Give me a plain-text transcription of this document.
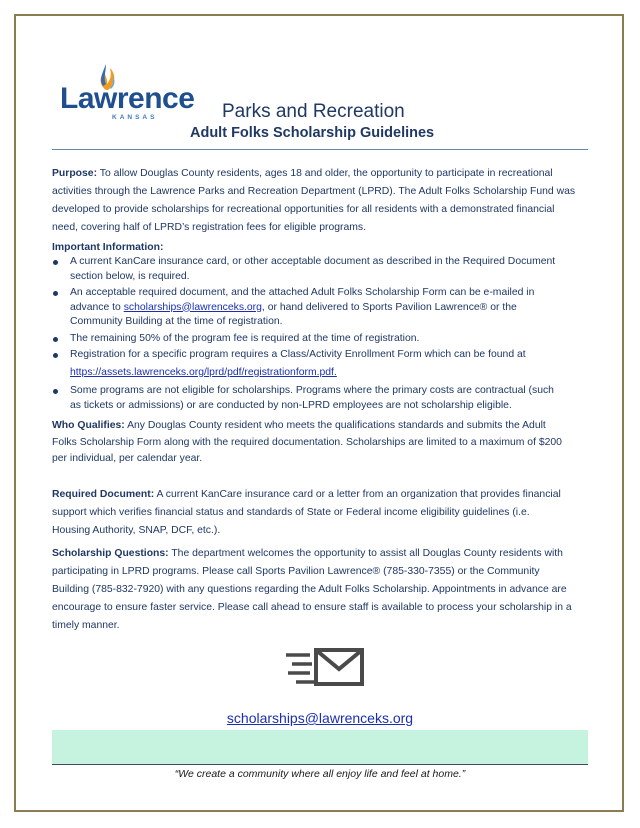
Lawrence
KANSAS	Parks and Recreation
Adult Folks Scholarship Guidelines
Purpose: To allow Douglas County residents, ages 18 and older, the opportunity to participate in recreational
activities through the Lawrence Parks and Recreation Department (LPRD). The Adult Folks Scholarship Fund was
developed to provide scholarships for recreational opportunities for all residents with a demonstrated financial
need, covering half of LPRD’s registration fees for eligible programs.
Important Information:
A current KanCare insurance card, or other acceptable document as described in the Required Document
section below, is required.
An acceptable required document, and the attached Adult Folks Scholarship Form can be e-mailed in
advance to scholarships@lawrenceks.org, or hand delivered to Sports Pavilion Lawrence® or the
Community Building at the time of registration.
The remaining 50% of the program fee is required at the time of registration.
Registration for a specific program requires a Class/Activity Enrollment Form which can be found at
https://assets.lawrenceks.org/lprd/pdf/registrationform.pdf.
Some programs are not eligible for scholarships. Programs where the primary costs are contractual (such
as tickets or admissions) or are conducted by non-LPRD employees are not scholarship eligible.
Who Qualifies: Any Douglas County resident who meets the qualifications standards and submits the Adult
Folks Scholarship Form along with the required documentation. Scholarships are limited to a maximum of $200
per individual, per calendar year.
Required Document: A current KanCare insurance card or a letter from an organization that provides financial
support which verifies financial status and standards of State or Federal income eligibility guidelines (i.e.
Housing Authority, SNAP, DCF, etc.).
Scholarship Questions: The department welcomes the opportunity to assist all Douglas County residents with
participating in LPRD programs. Please call Sports Pavilion Lawrence® (785-330-7355) or the Community
Building (785-832-7920) with any questions regarding the Adult Folks Scholarship. Appointments in advance are
encourage to ensure faster service. Please call ahead to ensure staff is available to process your scholarship in a
timely manner.
scholarships@lawrenceks.org
“We create a community where all enjoy life and feel at home.”
